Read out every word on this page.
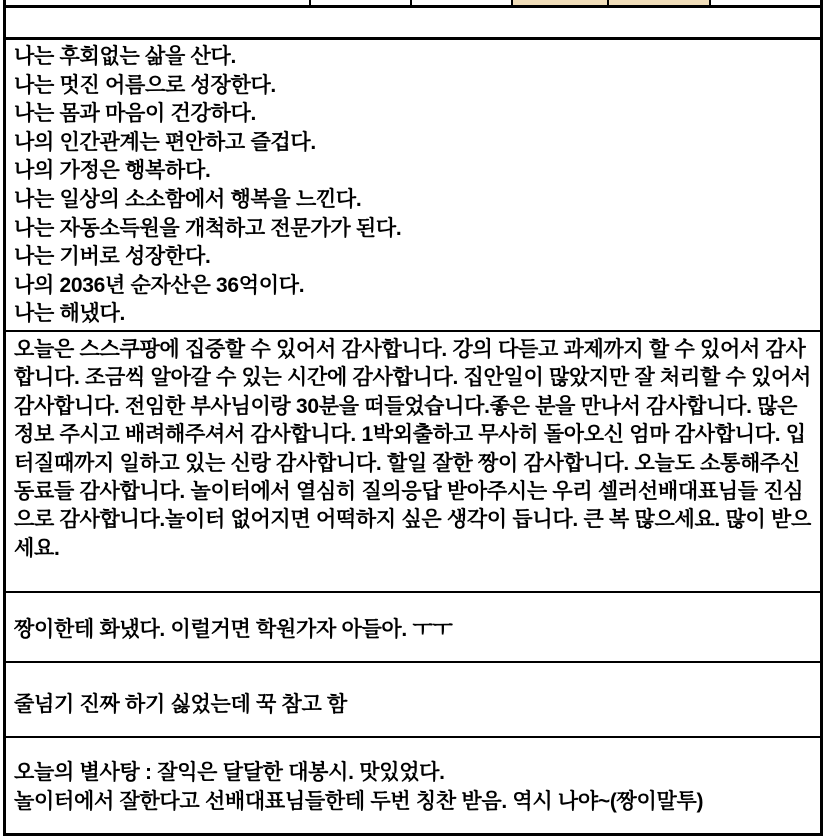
나는 후회없는 삶을 산다.

나는 멋진 어름으로 성장한다.

나는 몸과 마음이 건강하다.

나의 인간관계는 편안하고 즐겁다.

나의 가정은 행복하다.

나는 일상의 소소함에서 행복을 느낀다.

나는 자동소득원을 개척하고 전문가가 된다.

나는 기버로 성장한다.

나의 2036년 순자산은 36억이다.

나는 해냈다.

오늘은 스스쿠팡에 집중할 수 있어서 감사합니다. 강의 다듣고 과제까지 할 수 있어서 감사합니다. 조금씩 알아갈 수 있는 시간에 감사합니다. 집안일이 많았지만 잘 처리할 수 있어서 감사합니다. 전임한 부사님이랑 30분을 떠들었습니다.좋은 분을 만나서 감사합니다. 많은 정보 주시고 배려해주셔서 감사합니다. 1박외출하고 무사히 돌아오신 엄마 감사합니다. 입터질때까지 일하고 있는 신랑 감사합니다. 할일 잘한 짱이 감사합니다. 오늘도 소통해주신 동료들 감사합니다. 놀이터에서 열심히 질의응답 받아주시는 우리 셀러선배대표님들 진심으로 감사합니다.놀이터 없어지면 어떡하지 싶은 생각이 듭니다. 큰 복 많으세요. 많이 받으세요.

짱이한테 화냈다. 이럴거면 학원가자 아들아. ㅜㅜ

줄넘기 진짜 하기 싫었는데 꾹 참고 함

오늘의 별사탕 : 잘익은 달달한 대봉시. 맛있었다.

놀이터에서 잘한다고 선배대표님들한테 두번 칭찬 받음. 역시 나야~(짱이말투)
